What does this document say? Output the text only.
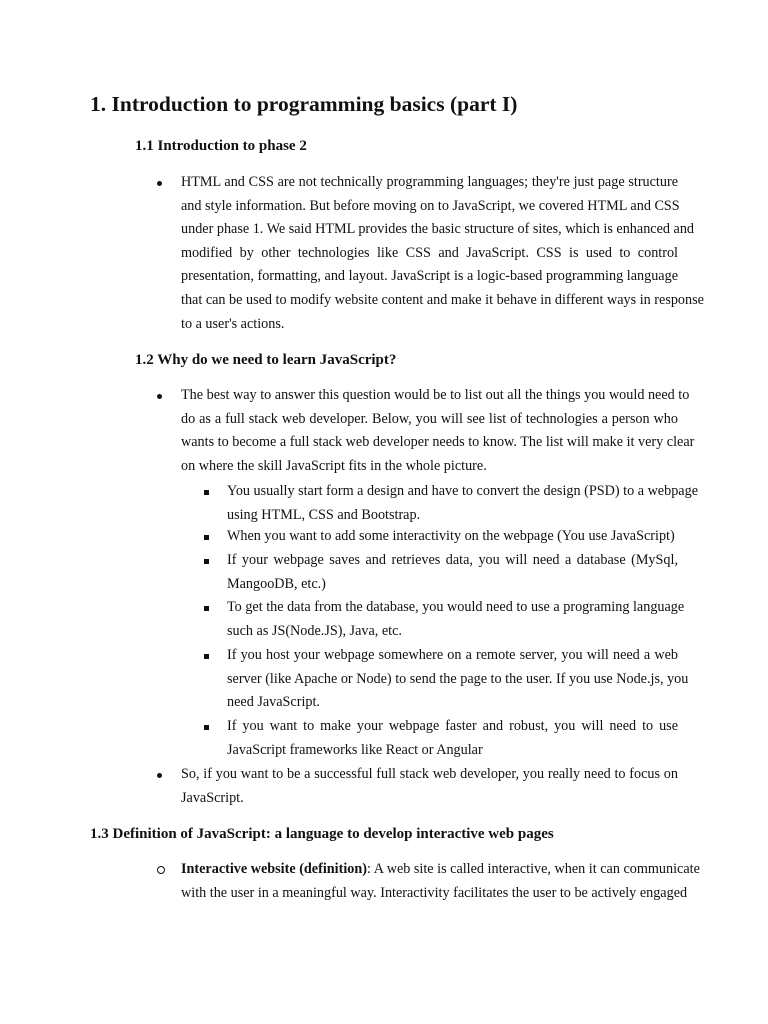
1. Introduction to programming basics (part I)
1.1 Introduction to phase 2
HTML and CSS are not technically programming languages; they're just page structure
and style information. But before moving on to JavaScript, we covered HTML and CSS
under phase 1. We said HTML provides the basic structure of sites, which is enhanced and
modified by other technologies like CSS and JavaScript. CSS is used to control
presentation, formatting, and layout. JavaScript is a logic-based programming language
that can be used to modify website content and make it behave in different ways in response
to a user's actions.
1.2 Why do we need to learn JavaScript?
The best way to answer this question would be to list out all the things you would need to
do as a full stack web developer. Below, you will see list of technologies a person who
wants to become a full stack web developer needs to know. The list will make it very clear
on where the skill JavaScript fits in the whole picture.
You usually start form a design and have to convert the design (PSD) to a webpage
using HTML, CSS and Bootstrap.
When you want to add some interactivity on the webpage (You use JavaScript)
If your webpage saves and retrieves data, you will need a database (MySql,
MangooDB, etc.)
To get the data from the database, you would need to use a programing language
such as JS(Node.JS), Java, etc.
If you host your webpage somewhere on a remote server, you will need a web
server (like Apache or Node) to send the page to the user. If you use Node.js, you
need JavaScript.
If you want to make your webpage faster and robust, you will need to use
JavaScript frameworks like React or Angular
So, if you want to be a successful full stack web developer, you really need to focus on
JavaScript.
1.3 Definition of JavaScript: a language to develop interactive web pages
Interactive website (definition): A web site is called interactive, when it can communicate
with the user in a meaningful way. Interactivity facilitates the user to be actively engaged
